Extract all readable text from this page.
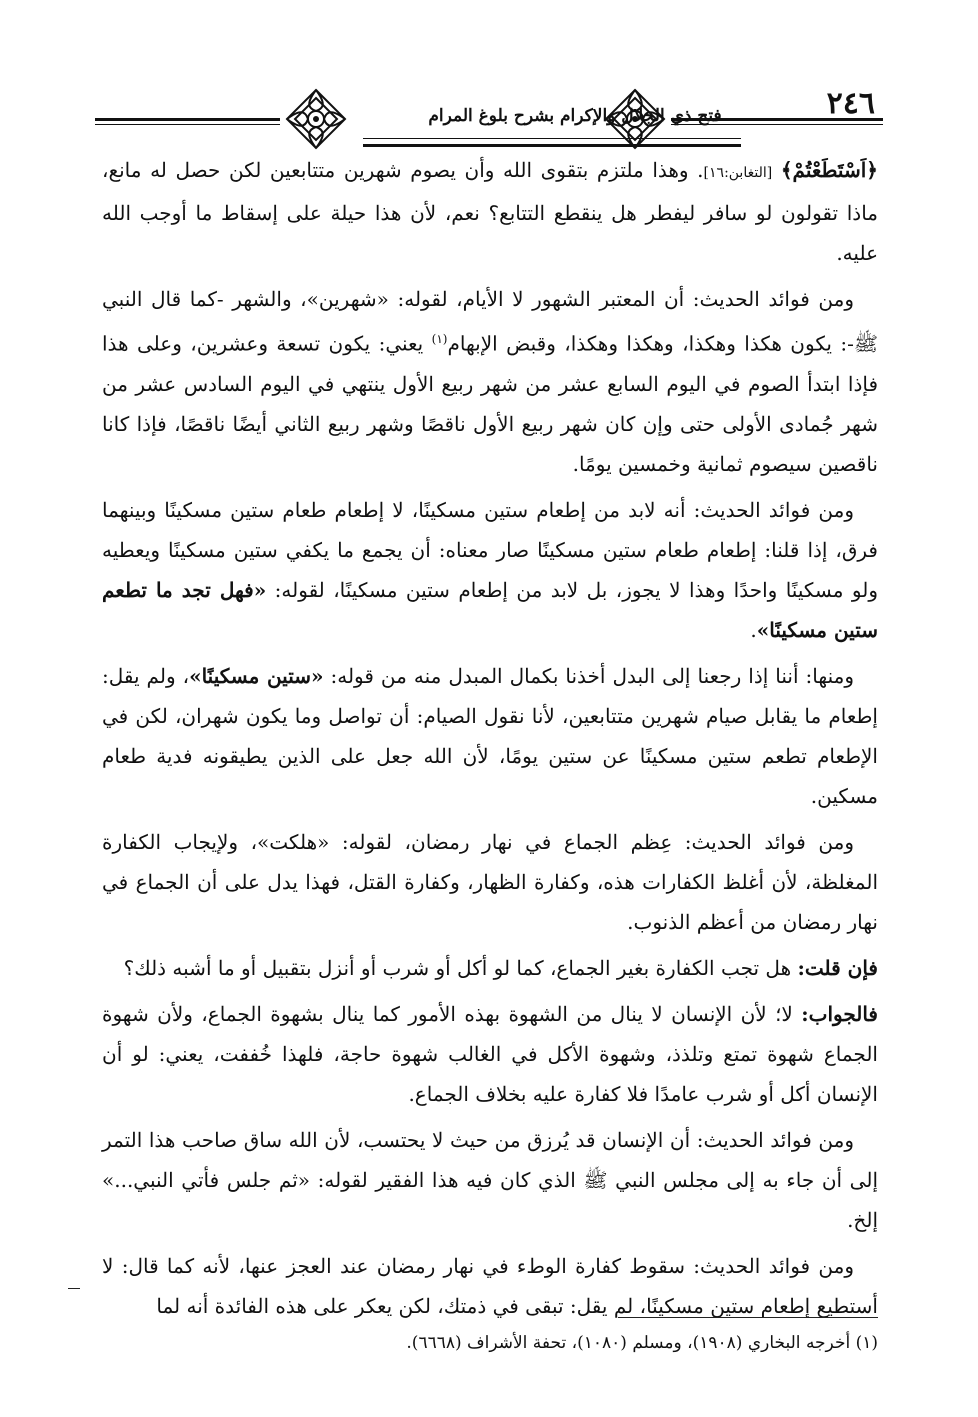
٢٤٦
فتح ذي الجلال والإكرام بشرح بلوغ المرام

﴿اَسْتَطَعْتُمْ﴾ [التغابن:١٦]. وهذا ملتزم بتقوى الله وأن يصوم شهرين متتابعين لكن حصل له مانع، ماذا تقولون لو سافر ليفطر هل ينقطع التتابع؟ نعم، لأن هذا حيلة على إسقاط ما أوجب الله عليه.

ومن فوائد الحديث: أن المعتبر الشهور لا الأيام، لقوله: «شهرين»، والشهر -كما قال النبي ﷺ-: يكون هكذا وهكذا، وهكذا وهكذا، وقبض الإبهام$^{(١)}$ يعني: يكون تسعة وعشرين، وعلى هذا فإذا ابتدأ الصوم في اليوم السابع عشر من شهر ربيع الأول ينتهي في اليوم السادس عشر من شهر جُمادى الأولى حتى وإن كان شهر ربيع الأول ناقصًا وشهر ربيع الثاني أيضًا ناقصًا، فإذا كانا ناقصين سيصوم ثمانية وخمسين يومًا.

ومن فوائد الحديث: أنه لابد من إطعام ستين مسكينًا، لا إطعام طعام ستين مسكينًا وبينهما فرق، إذا قلنا: إطعام طعام ستين مسكينًا صار معناه: أن يجمع ما يكفي ستين مسكينًا ويعطيه ولو مسكينًا واحدًا وهذا لا يجوز، بل لابد من إطعام ستين مسكينًا، لقوله: «فهل تجد ما تطعم ستين مسكينًا».

ومنها: أننا إذا رجعنا إلى البدل أخذنا بكمال المبدل منه من قوله: «ستين مسكينًا»، ولم يقل: إطعام ما يقابل صيام شهرين متتابعين، لأنا نقول الصيام: أن تواصل وما يكون شهران، لكن في الإطعام تطعم ستين مسكينًا عن ستين يومًا، لأن الله جعل على الذين يطيقونه فدية طعام مسكين.

ومن فوائد الحديث: عِظم الجماع في نهار رمضان، لقوله: «هلكت»، ولإيجاب الكفارة المغلظة، لأن أغلظ الكفارات هذه، وكفارة الظهار، وكفارة القتل، فهذا يدل على أن الجماع في نهار رمضان من أعظم الذنوب.

فإن قلت: هل تجب الكفارة بغير الجماع، كما لو أكل أو شرب أو أنزل بتقبيل أو ما أشبه ذلك؟

فالجواب: لا؛ لأن الإنسان لا ينال من الشهوة بهذه الأمور كما ينال بشهوة الجماع، ولأن شهوة الجماع شهوة تمتع وتلذذ، وشهوة الأكل في الغالب شهوة حاجة، فلهذا خُففت، يعني: لو أن الإنسان أكل أو شرب عامدًا فلا كفارة عليه بخلاف الجماع.

ومن فوائد الحديث: أن الإنسان قد يُرزق من حيث لا يحتسب، لأن الله ساق صاحب هذا التمر إلى أن جاء به إلى مجلس النبي ﷺ الذي كان فيه هذا الفقير لقوله: «ثم جلس فأتي النبي...» إلخ.

ومن فوائد الحديث: سقوط كفارة الوطء في نهار رمضان عند العجز عنها، لأنه كما قال: لا أستطيع إطعام ستين مسكينًا، لم يقل: تبقى في ذمتك، لكن يعكر على هذه الفائدة أنه لما

(١) أخرجه البخاري (١٩٠٨)، ومسلم (١٠٨٠)، تحفة الأشراف (٦٦٦٨).
